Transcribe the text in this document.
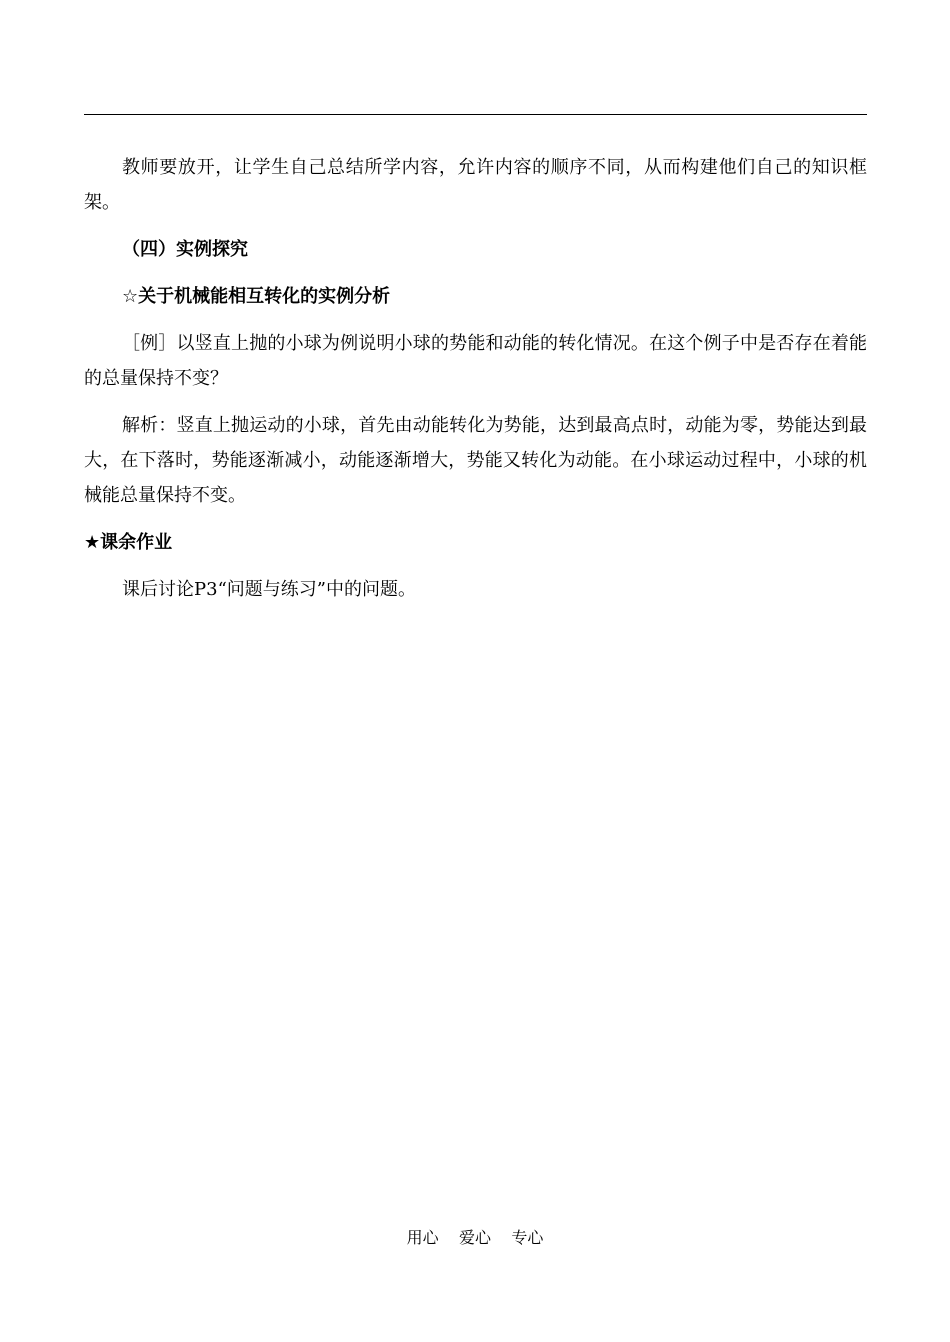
教师要放开，让学生自己总结所学内容，允许内容的顺序不同，从而构建他们自己的知识框架。

（四）实例探究

☆关于机械能相互转化的实例分析

［例］以竖直上抛的小球为例说明小球的势能和动能的转化情况。在这个例子中是否存在着能的总量保持不变？

解析：竖直上抛运动的小球，首先由动能转化为势能，达到最高点时，动能为零，势能达到最大，在下落时，势能逐渐减小，动能逐渐增大，势能又转化为动能。在小球运动过程中，小球的机械能总量保持不变。

★课余作业

课后讨论P3“问题与练习”中的问题。

用心    爱心    专心
